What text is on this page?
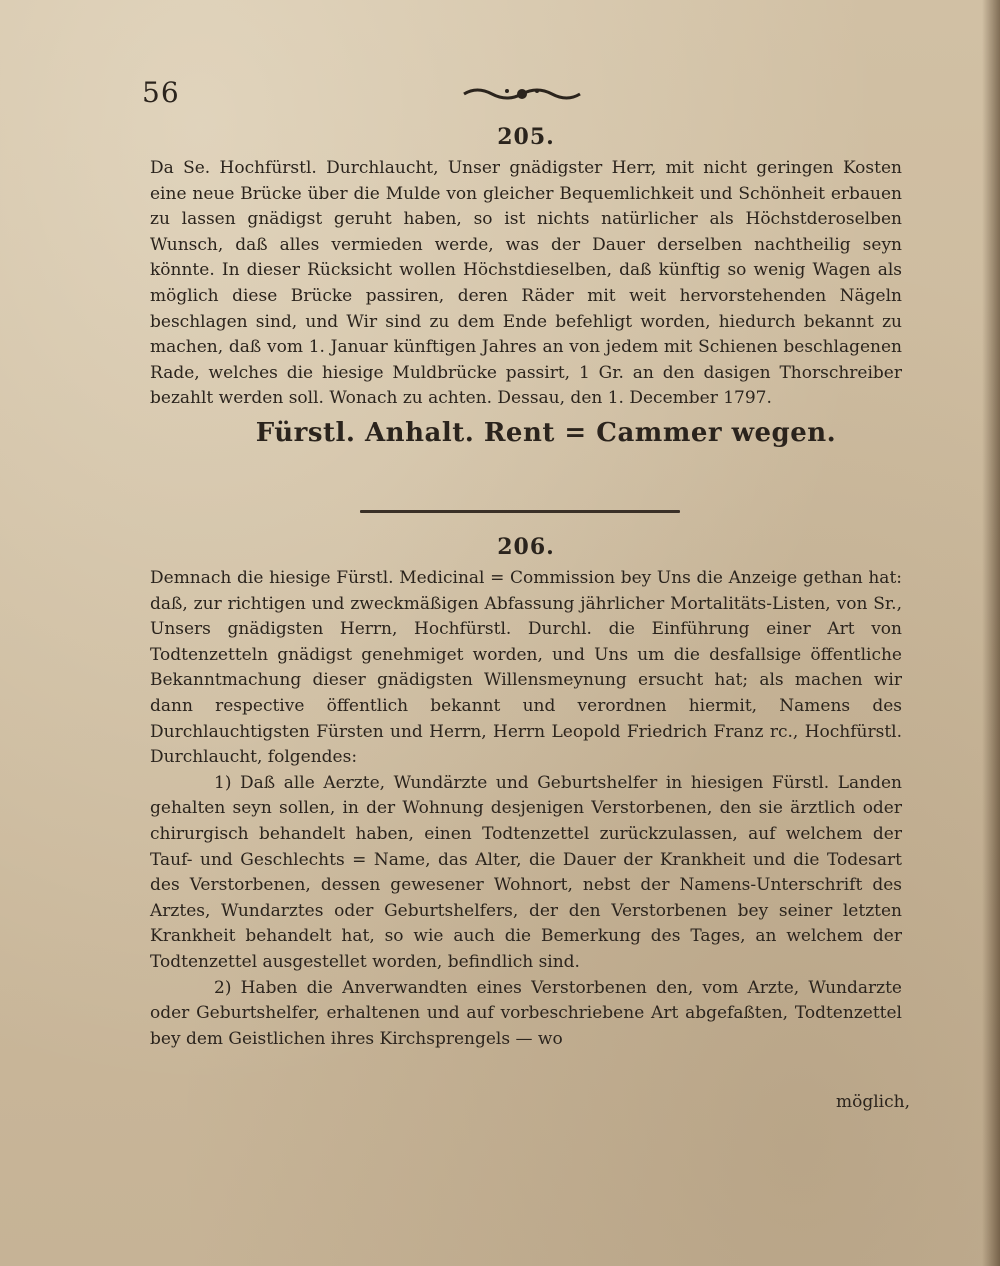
56
205.

Da Se. Hochfürstl. Durchlaucht, Unser gnädigster Herr, mit nicht geringen Kosten eine neue Brücke über die Mulde von gleicher Bequemlichkeit und Schönheit erbauen zu lassen gnädigst geruht haben, so ist nichts natürlicher als Höchstderoselben Wunsch, daß alles vermieden werde, was der Dauer derselben nachtheilig seyn könnte. In dieser Rücksicht wollen Höchstdieselben, daß künftig so wenig Wagen als möglich diese Brücke passiren, deren Räder mit weit hervorstehenden Nägeln beschlagen sind, und Wir sind zu dem Ende befehligt worden, hiedurch bekannt zu machen, daß vom 1. Januar künftigen Jahres an von jedem mit Schienen beschlagenen Rade, welches die hiesige Muldbrücke passirt, 1 Gr. an den dasigen Thorschreiber bezahlt werden soll. Wonach zu achten. Dessau, den 1. December 1797.

Fürstl. Anhalt. Rent = Cammer wegen.
206.

Demnach die hiesige Fürstl. Medicinal = Commission bey Uns die Anzeige gethan hat: daß, zur richtigen und zweckmäßigen Abfassung jährlicher Mortalitäts-Listen, von Sr., Unsers gnädigsten Herrn, Hochfürstl. Durchl. die Einführung einer Art von Todtenzetteln gnädigst genehmiget worden, und Uns um die desfallsige öffentliche Bekanntmachung dieser gnädigsten Willensmeynung ersucht hat; als machen wir dann respective öffentlich bekannt und verordnen hiermit, Namens des Durchlauchtigsten Fürsten und Herrn, Herrn Leopold Friedrich Franz rc., Hochfürstl. Durchlaucht, folgendes:

1) Daß alle Aerzte, Wundärzte und Geburtshelfer in hiesigen Fürstl. Landen gehalten seyn sollen, in der Wohnung desjenigen Verstorbenen, den sie ärztlich oder chirurgisch behandelt haben, einen Todtenzettel zurückzulassen, auf welchem der Tauf- und Geschlechts = Name, das Alter, die Dauer der Krankheit und die Todesart des Verstorbenen, dessen gewesener Wohnort, nebst der Namens-Unterschrift des Arztes, Wundarztes oder Geburtshelfers, der den Verstorbenen bey seiner letzten Krankheit behandelt hat, so wie auch die Bemerkung des Tages, an welchem der Todtenzettel ausgestellet worden, befindlich sind.

2) Haben die Anverwandten eines Verstorbenen den, vom Arzte, Wundarzte oder Geburtshelfer, erhaltenen und auf vorbeschriebene Art abgefaßten, Todtenzettel bey dem Geistlichen ihres Kirchsprengels — wo

möglich,
